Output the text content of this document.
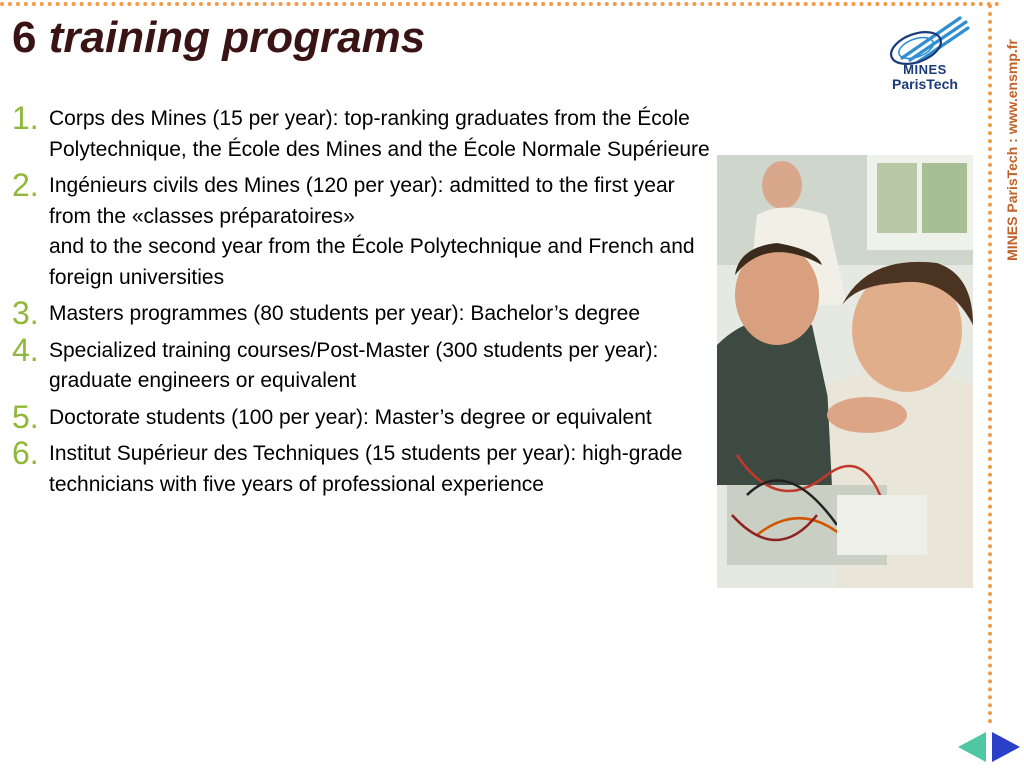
6 training programs
MINES
ParisTech	MINES ParisTech : www.ensmp.fr
1. Corps des Mines (15 per year): top-ranking graduates from the École Polytechnique, the École des Mines and the École Normale Supérieure
2. Ingénieurs civils des Mines (120 per year): admitted to the first year from the «classes préparatoires»
and to the second year from the École Polytechnique and French and foreign universities
3. Masters programmes (80 students per year): Bachelor’s degree
4. Specialized training courses/Post-Master (300 students per year): graduate engineers or equivalent
5. Doctorate students (100 per year): Master’s degree or equivalent
6. Institut Supérieur des Techniques (15 students per year): high-grade technicians with five years of professional experience
